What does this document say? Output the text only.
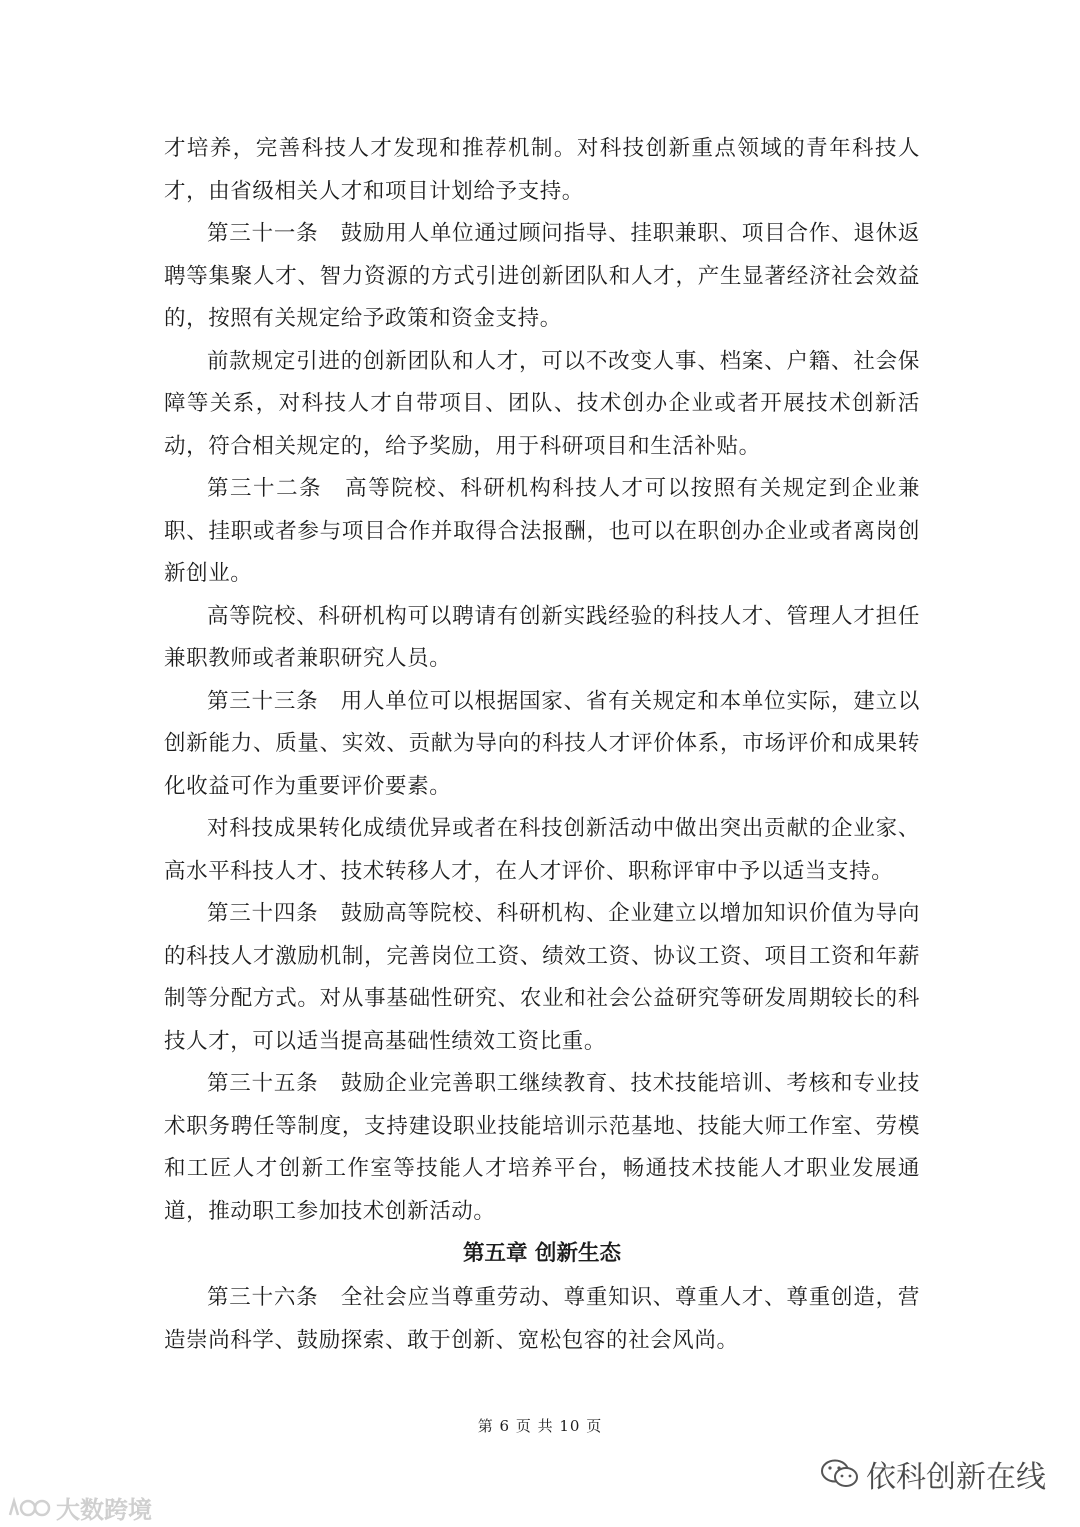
才培养，完善科技人才发现和推荐机制。对科技创新重点领域的青年科技人才，由省级相关人才和项目计划给予支持。

第三十一条　鼓励用人单位通过顾问指导、挂职兼职、项目合作、退休返聘等集聚人才、智力资源的方式引进创新团队和人才，产生显著经济社会效益的，按照有关规定给予政策和资金支持。

前款规定引进的创新团队和人才，可以不改变人事、档案、户籍、社会保障等关系，对科技人才自带项目、团队、技术创办企业或者开展技术创新活动，符合相关规定的，给予奖励，用于科研项目和生活补贴。

第三十二条　高等院校、科研机构科技人才可以按照有关规定到企业兼职、挂职或者参与项目合作并取得合法报酬，也可以在职创办企业或者离岗创新创业。

高等院校、科研机构可以聘请有创新实践经验的科技人才、管理人才担任兼职教师或者兼职研究人员。

第三十三条　用人单位可以根据国家、省有关规定和本单位实际，建立以创新能力、质量、实效、贡献为导向的科技人才评价体系，市场评价和成果转化收益可作为重要评价要素。

对科技成果转化成绩优异或者在科技创新活动中做出突出贡献的企业家、高水平科技人才、技术转移人才，在人才评价、职称评审中予以适当支持。

第三十四条　鼓励高等院校、科研机构、企业建立以增加知识价值为导向的科技人才激励机制，完善岗位工资、绩效工资、协议工资、项目工资和年薪制等分配方式。对从事基础性研究、农业和社会公益研究等研发周期较长的科技人才，可以适当提高基础性绩效工资比重。

第三十五条　鼓励企业完善职工继续教育、技术技能培训、考核和专业技术职务聘任等制度，支持建设职业技能培训示范基地、技能大师工作室、劳模和工匠人才创新工作室等技能人才培养平台，畅通技术技能人才职业发展通道，推动职工参加技术创新活动。

第五章 创新生态

第三十六条　全社会应当尊重劳动、尊重知识、尊重人才、尊重创造，营造崇尚科学、鼓励探索、敢于创新、宽松包容的社会风尚。

第 6 页 共 10 页
依科创新在线
大数跨境
